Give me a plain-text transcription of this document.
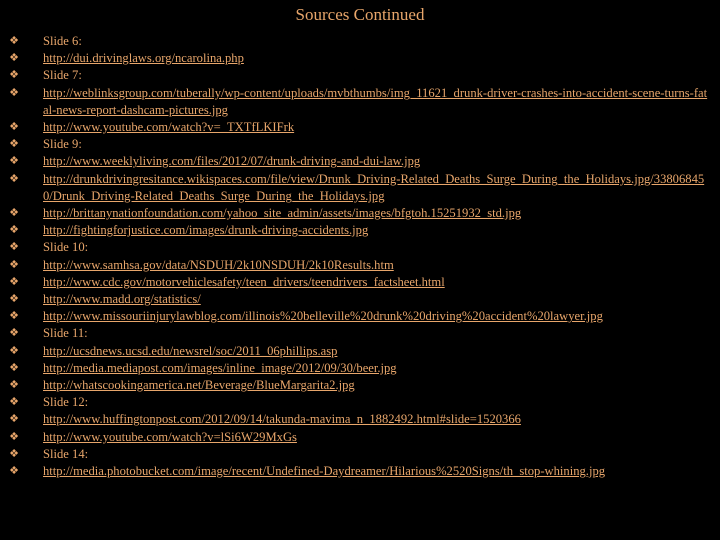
Sources Continued
❖ Slide 6:
❖ http://dui.drivinglaws.org/ncarolina.php
❖ Slide 7:
❖ http://weblinksgroup.com/tuberally/wp-content/uploads/mvbthumbs/img_11621_drunk-driver-crashes-into-accident-scene-turns-fatal-news-report-dashcam-pictures.jpg
❖ http://www.youtube.com/watch?v=_TXTfLKIFrk
❖ Slide 9:
❖ http://www.weeklyliving.com/files/2012/07/drunk-driving-and-dui-law.jpg
❖ http://drunkdrivingresitance.wikispaces.com/file/view/Drunk_Driving-Related_Deaths_Surge_During_the_Holidays.jpg/338068450/Drunk_Driving-Related_Deaths_Surge_During_the_Holidays.jpg
❖ http://brittanynationfoundation.com/yahoo_site_admin/assets/images/bfgtoh.15251932_std.jpg
❖ http://fightingforjustice.com/images/drunk-driving-accidents.jpg
❖ Slide 10:
❖ http://www.samhsa.gov/data/NSDUH/2k10NSDUH/2k10Results.htm
❖ http://www.cdc.gov/motorvehiclesafety/teen_drivers/teendrivers_factsheet.html
❖ http://www.madd.org/statistics/
❖ http://www.missouriinjurylawblog.com/illinois%20belleville%20drunk%20driving%20accident%20lawyer.jpg
❖ Slide 11:
❖ http://ucsdnews.ucsd.edu/newsrel/soc/2011_06phillips.asp
❖ http://media.mediapost.com/images/inline_image/2012/09/30/beer.jpg
❖ http://whatscookingamerica.net/Beverage/BlueMargarita2.jpg
❖ Slide 12:
❖ http://www.huffingtonpost.com/2012/09/14/takunda-mavima_n_1882492.html#slide=1520366
❖ http://www.youtube.com/watch?v=lSi6W29MxGs
❖ Slide 14:
❖ http://media.photobucket.com/image/recent/Undefined-Daydreamer/Hilarious%2520Signs/th_stop-whining.jpg
